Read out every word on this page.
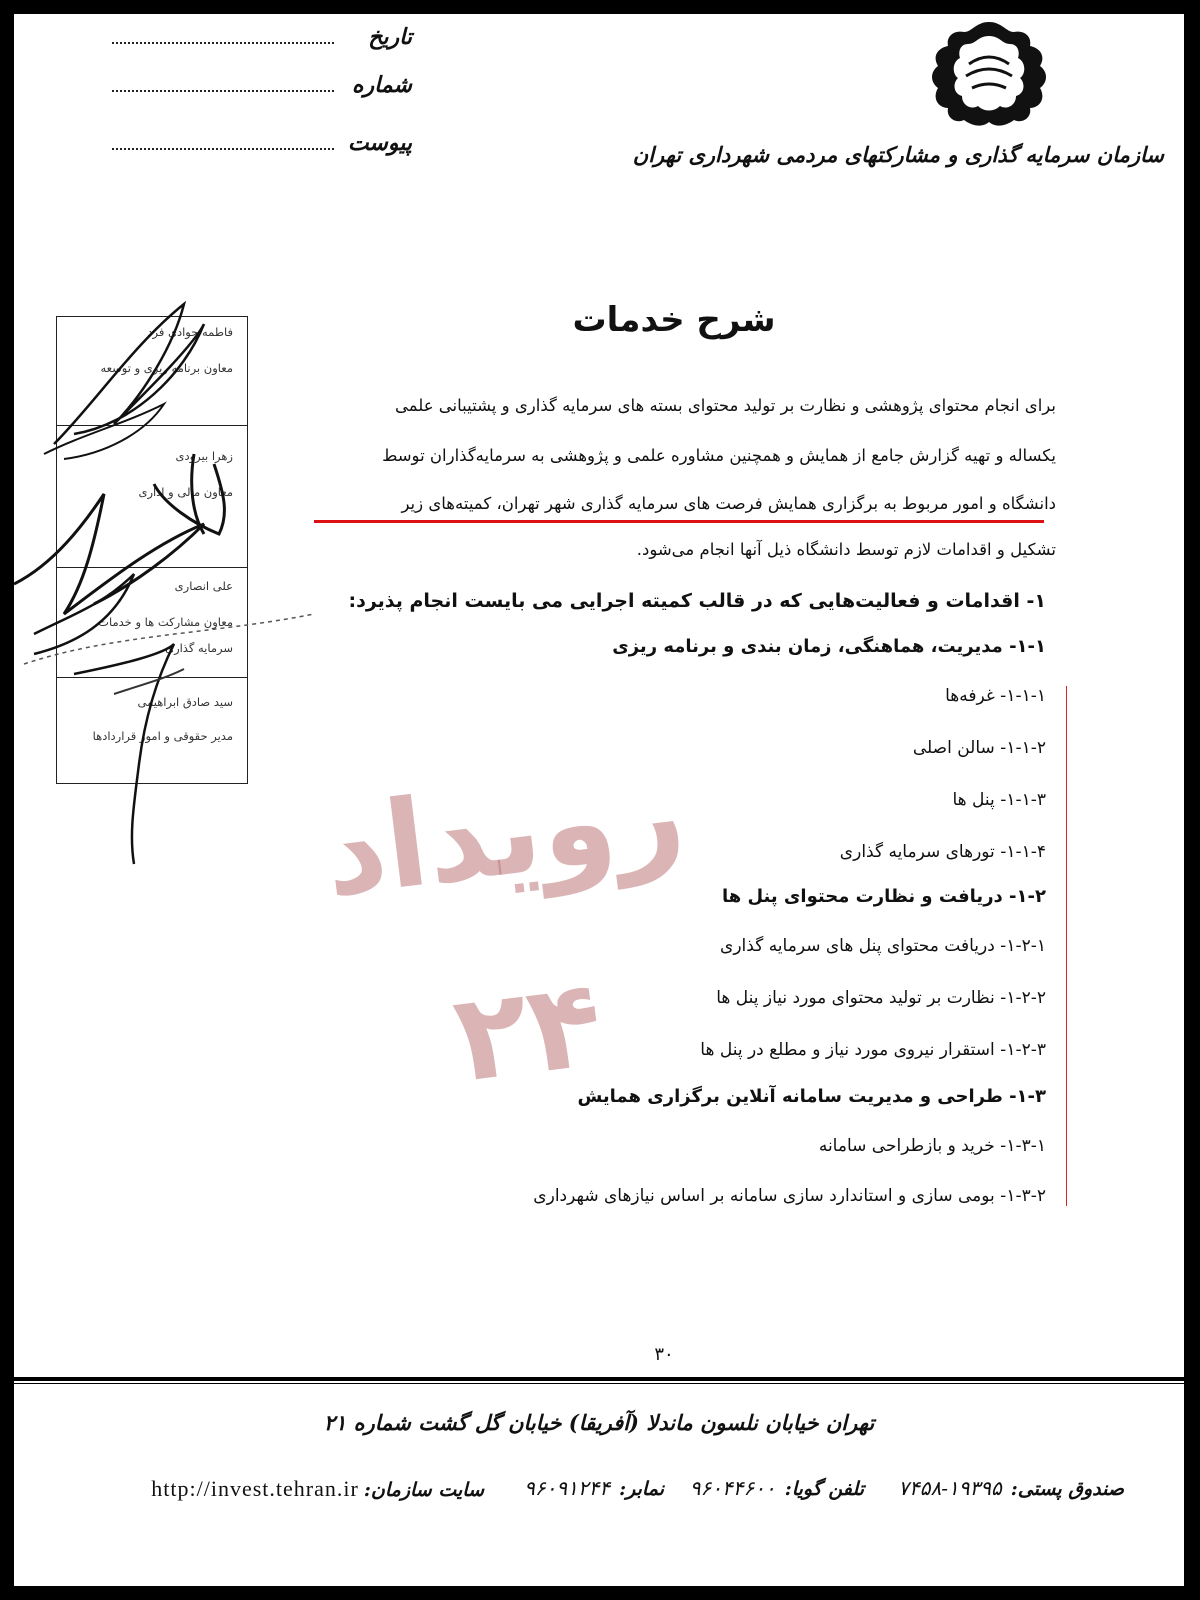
سازمان سرمایه گذاری و مشارکتهای مردمی شهرداری تهران
تاریخ
شماره
پیوست
فاطمه جوادی فرد
معاون برنامه ریزی و توسعه
زهرا بیرودی
معاون مالی و اداری
علی انصاری
معاون مشارکت ها و خدمات سرمایه گذاری
سید صادق ابراهیمی
مدیر حقوقی و امور قراردادها
شرح خدمات
برای انجام محتوای پژوهشی و نظارت بر تولید محتوای بسته های سرمایه گذاری و پشتیبانی علمی
یکساله و تهیه گزارش جامع از همایش و همچنین مشاوره علمی و پژوهشی به سرمایه‌گذاران توسط
دانشگاه و امور مربوط به برگزاری همایش فرصت های سرمایه گذاری شهر تهران، کمیته‌های زیر
تشکیل و اقدامات لازم توسط دانشگاه ذیل آنها انجام می‌شود.
۱- اقدامات و فعالیت‌هایی که در قالب کمیته اجرایی می بایست انجام پذیرد:
۱-۱- مدیریت، هماهنگی، زمان بندی و برنامه ریزی
۱-۱-۱- غرفه‌ها
۱-۱-۲- سالن اصلی
۱-۱-۳- پنل ها
۱-۱-۴- تورهای سرمایه گذاری
۱-۲- دریافت و نظارت محتوای پنل ها
۱-۲-۱- دریافت محتوای پنل های سرمایه گذاری
۱-۲-۲- نظارت بر تولید محتوای مورد نیاز پنل ها
۱-۲-۳- استقرار نیروی مورد نیاز و مطلع در پنل ها
۱-۳- طراحی و مدیریت سامانه آنلاین برگزاری همایش
۱-۳-۱- خرید و بازطراحی سامانه
۱-۳-۲- بومی سازی و استاندارد سازی سامانه بر اساس نیازهای شهرداری
رویداد ۲۴
۳۰
تهران خیابان نلسون ماندلا (آفریقا) خیابان گل گشت شماره ۲۱
صندوق پستی: ۱۹۳۹۵-۷۴۵۸
تلفن گویا: ۹۶۰۴۴۶۰۰
نمابر: ۹۶۰۹۱۲۴۴
سایت سازمان: http://invest.tehran.ir
